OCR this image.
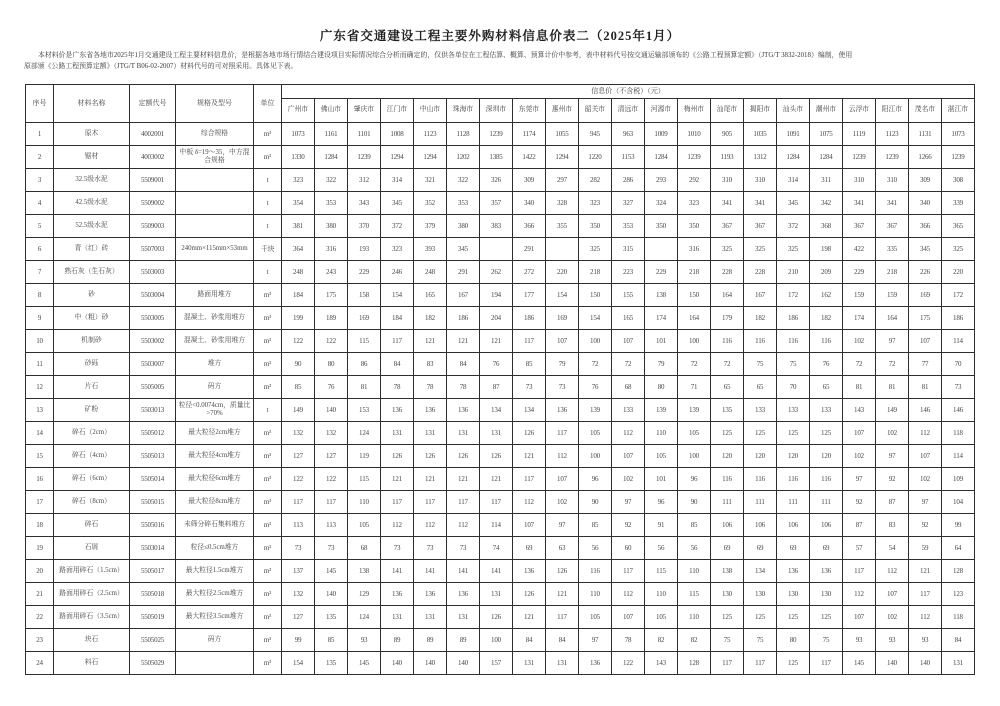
广东省交通建设工程主要外购材料信息价表二（2025年1月）
本材料价是广东省各地市2025年1月交通建设工程主要材料信息价，是根据各地市场行情结合建设项目实际情况综合分析而确定的，仅供各单位在工程估算、概算、预算计价中参考，表中材料代号按交通运输部颁布的《公路工程预算定额》（JTG/T 3832-2018）编制，使用
原部颁《公路工程预算定额》（JTG/T B06-02-2007）材料代号的可对照采用。具体见下表。
序号	材料名称	定额代号	规格及型号	单位	信息价（不含税）（元）																				
					广州市	佛山市	肇庆市	江门市	中山市	珠海市	深圳市	东莞市	惠州市	韶关市	清远市	河源市	梅州市	汕尾市	揭阳市	汕头市	潮州市	云浮市	阳江市	茂名市	湛江市
1	原木	4002001	综合规格	m³	1073	1161	1101	1008	1123	1128	1239	1174	1055	945	963	1009	1010	905	1035	1091	1075	1119	1123	1131	1073
2	锯材	4003002	中板 δ=19～35，中方混合规格	m³	1330	1284	1239	1294	1294	1202	1385	1422	1294	1220	1153	1284	1239	1193	1312	1284	1284	1239	1239	1266	1239
3	32.5级水泥	5509001		t	323	322	312	314	321	322	326	309	297	282	286	293	292	310	310	314	311	310	310	309	308
4	42.5级水泥	5509002		t	354	353	343	345	352	353	357	340	328	323	327	324	323	341	341	345	342	341	341	340	339
5	52.5级水泥	5509003		t	381	380	370	372	379	380	383	366	355	350	353	350	350	367	367	372	368	367	367	366	365
6	青（红）砖	5507003	240mm×115mm×53mm	千块	364	316	193	323	393	345		291		325	315		316	325	325	325	198	422	335	345	325
7	熟石灰（生石灰）	5503003		t	248	243	229	246	248	291	262	272	220	218	223	229	218	228	228	210	209	229	218	226	220
8	砂	5503004	路面用堆方	m³	184	175	158	154	165	167	194	177	154	150	155	138	150	164	167	172	162	159	159	169	172
9	中（粗）砂	5503005	混凝土、砂浆用堆方	m³	199	189	169	184	182	186	204	186	169	154	165	174	164	179	182	186	182	174	164	175	186
10	机制砂	5503002	混凝土、砂浆用堆方	m³	122	122	115	117	121	121	121	117	107	100	107	101	100	116	116	116	116	102	97	107	114
11	砂砾	5503007	堆方	m³	90	80	86	84	83	84	76	85	79	72	72	79	72	72	75	75	76	72	72	77	70
12	片石	5505005	码方	m³	85	76	81	78	78	78	87	73	73	76	68	80	71	65	65	70	65	81	81	81	73
13	矿粉	5503013	粒径<0.0074cm，质量比>70%	t	149	140	153	136	136	136	134	134	136	139	133	139	139	135	133	133	133	143	149	146	146
14	碎石（2cm）	5505012	最大粒径2cm堆方	m³	132	132	124	131	131	131	131	126	117	105	112	110	105	125	125	125	125	107	102	112	118
15	碎石（4cm）	5505013	最大粒径4cm堆方	m³	127	127	119	126	126	126	126	121	112	100	107	105	100	120	120	120	120	102	97	107	114
16	碎石（6cm）	5505014	最大粒径6cm堆方	m³	122	122	115	121	121	121	121	117	107	96	102	101	96	116	116	116	116	97	92	102	109
17	碎石（8cm）	5505015	最大粒径8cm堆方	m³	117	117	110	117	117	117	117	112	102	90	97	96	90	111	111	111	111	92	87	97	104
18	碎石	5505016	未筛分碎石集料堆方	m³	113	113	105	112	112	112	114	107	97	85	92	91	85	106	106	106	106	87	83	92	99
19	石屑	5503014	粒径≤0.5cm堆方	m³	73	73	68	73	73	73	74	69	63	56	60	56	56	69	69	69	69	57	54	59	64
20	路面用碎石（1.5cm）	5505017	最大粒径1.5cm堆方	m³	137	145	138	141	141	141	141	136	126	116	117	115	110	138	134	136	136	117	112	121	128
21	路面用碎石（2.5cm）	5505018	最大粒径2.5cm堆方	m³	132	140	129	136	136	136	131	126	121	110	112	110	115	130	130	130	130	112	107	117	123
22	路面用碎石（3.5cm）	5505019	最大粒径3.5cm堆方	m³	127	135	124	131	131	131	126	121	117	105	107	105	110	125	125	125	125	107	102	112	118
23	块石	5505025	码方	m³	99	85	93	89	89	89	100	84	84	97	78	82	82	75	75	80	75	93	93	93	84
24	料石	5505029		m³	154	135	145	140	140	140	157	131	131	136	122	143	128	117	117	125	117	145	140	140	131
